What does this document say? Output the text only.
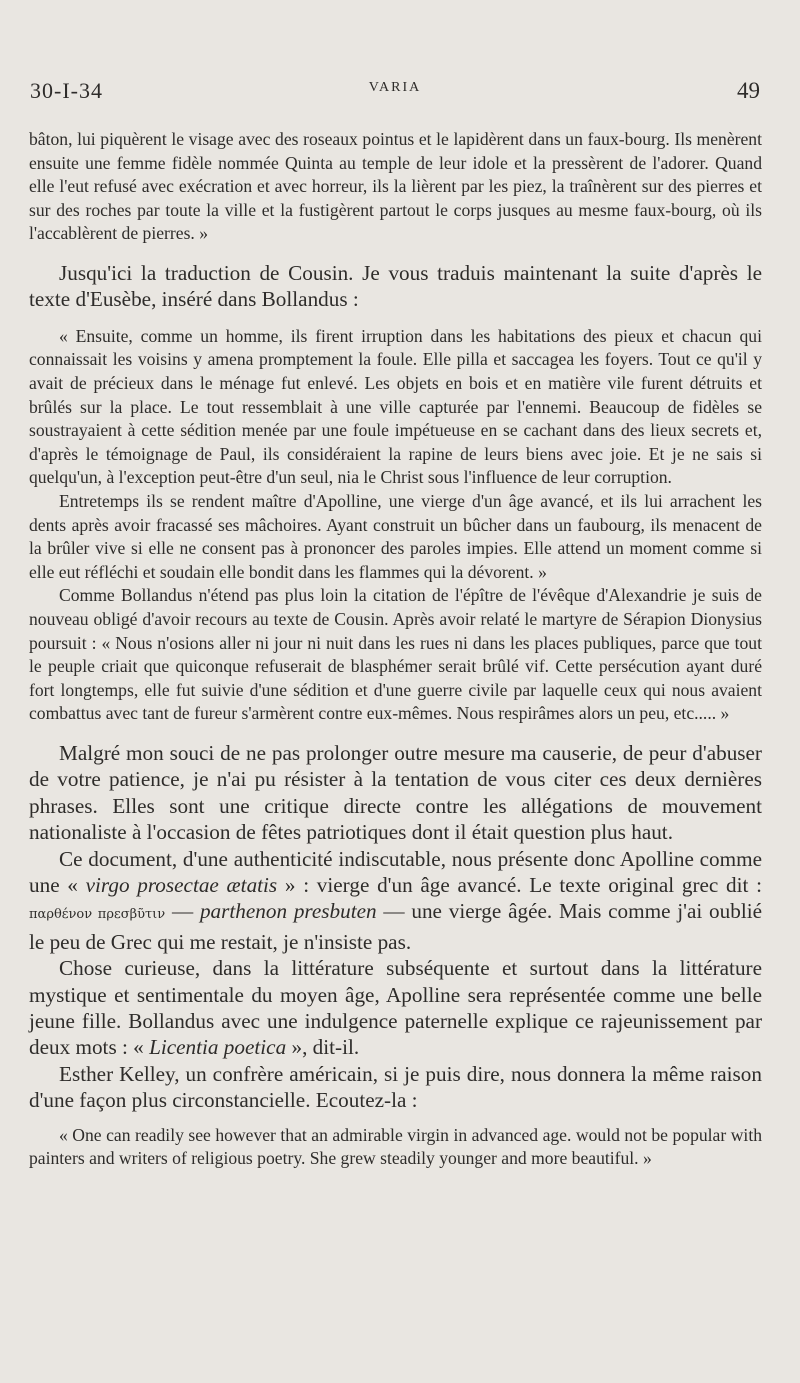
30-I-34	VARIA	49

bâton, lui piquèrent le visage avec des roseaux pointus et le lapidèrent dans un faux-bourg. Ils menèrent ensuite une femme fidèle nommée Quinta au temple de leur idole et la pressèrent de l'adorer. Quand elle l'eut refusé avec exécration et avec horreur, ils la lièrent par les piez, la traînèrent sur des pierres et sur des roches par toute la ville et la fustigèrent partout le corps jusques au mesme faux-bourg, où ils l'accablèrent de pierres. »

Jusqu'ici la traduction de Cousin. Je vous traduis maintenant la suite d'après le texte d'Eusèbe, inséré dans Bollandus :

« Ensuite, comme un homme, ils firent irruption dans les habitations des pieux et chacun qui connaissait les voisins y amena promptement la foule. Elle pilla et saccagea les foyers. Tout ce qu'il y avait de précieux dans le ménage fut enlevé. Les objets en bois et en matière vile furent détruits et brûlés sur la place. Le tout ressemblait à une ville capturée par l'ennemi. Beaucoup de fidèles se soustrayaient à cette sédition menée par une foule impétueuse en se cachant dans des lieux secrets et, d'après le témoignage de Paul, ils considéraient la rapine de leurs biens avec joie. Et je ne sais si quelqu'un, à l'exception peut-être d'un seul, nia le Christ sous l'influence de leur corruption.

Entretemps ils se rendent maître d'Apolline, une vierge d'un âge avancé, et ils lui arrachent les dents après avoir fracassé ses mâchoires. Ayant construit un bûcher dans un faubourg, ils menacent de la brûler vive si elle ne consent pas à prononcer des paroles impies. Elle attend un moment comme si elle eut réfléchi et soudain elle bondit dans les flammes qui la dévorent. »

Comme Bollandus n'étend pas plus loin la citation de l'épître de l'évêque d'Alexandrie je suis de nouveau obligé d'avoir recours au texte de Cousin. Après avoir relaté le martyre de Sérapion Dionysius poursuit : « Nous n'osions aller ni jour ni nuit dans les rues ni dans les places publiques, parce que tout le peuple criait que quiconque refuserait de blasphémer serait brûlé vif. Cette persécution ayant duré fort longtemps, elle fut suivie d'une sédition et d'une guerre civile par laquelle ceux qui nous avaient combattus avec tant de fureur s'armèrent contre eux-mêmes. Nous respirâmes alors un peu, etc..... »

Malgré mon souci de ne pas prolonger outre mesure ma causerie, de peur d'abuser de votre patience, je n'ai pu résister à la tentation de vous citer ces deux dernières phrases. Elles sont une critique directe contre les allégations de mouvement nationaliste à l'occasion de fêtes patriotiques dont il était question plus haut.

Ce document, d'une authenticité indiscutable, nous présente donc Apolline comme une « virgo prosectae ætatis » : vierge d'un âge avancé. Le texte original grec dit : παρθένον πρεσβῦτιν — parthenon presbuten — une vierge âgée. Mais comme j'ai oublié le peu de Grec qui me restait, je n'insiste pas.

Chose curieuse, dans la littérature subséquente et surtout dans la littérature mystique et sentimentale du moyen âge, Apolline sera représentée comme une belle jeune fille. Bollandus avec une indulgence paternelle explique ce rajeunissement par deux mots : « Licentia poetica », dit-il.

Esther Kelley, un confrère américain, si je puis dire, nous donnera la même raison d'une façon plus circonstancielle. Ecoutez-la :

« One can readily see however that an admirable virgin in advanced age. would not be popular with painters and writers of religious poetry. She grew steadily younger and more beautiful. »
